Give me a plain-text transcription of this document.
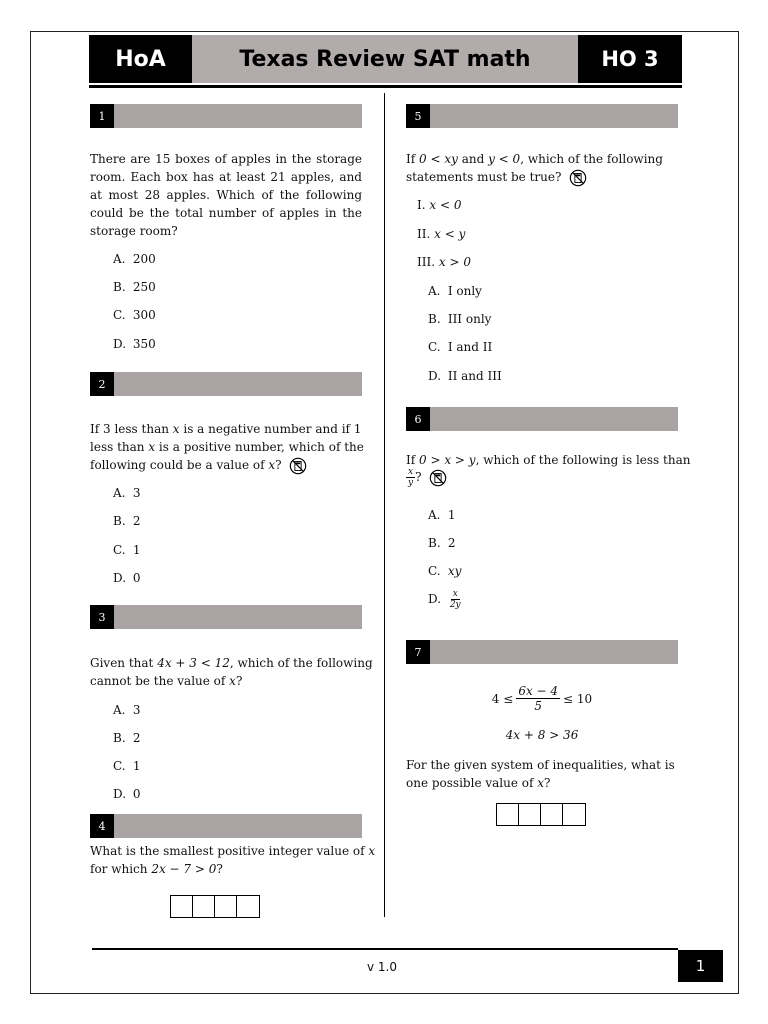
HoA	Texas Review SAT math	HO 3
1
There are 15 boxes of apples in the storage room. Each box has at least 21 apples, and at most 28 apples. Which of the following could be the total number of apples in the storage room?
A. 200
B. 250
C. 300
D. 350
2
If 3 less than x is a negative number and if 1
less than x is a positive number, which of the
following could be a value of x?
A. 3
B. 2
C. 1
D. 0
3
Given that 4x + 3 < 12, which of the following
cannot be the value of x?
A. 3
B. 2
C. 1
D. 0
4
What is the smallest positive integer value of x
for which 2x − 7 > 0?
5
If 0 < xy and y < 0, which of the following
statements must be true?
I. x < 0
II. x < y
III. x > 0
A. I only
B. III only
C. I and II
D. II and III
6
If 0 > x > y, which of the following is less than
$\frac{x}{y}$ ?
A. 1
B. 2
C. xy
D. $\frac{x}{2y}$
7
$4 \le \frac{6x - 4}{5} \le 10$
4x + 8 > 36
For the given system of inequalities, what is
one possible value of x?
v 1.0	1
